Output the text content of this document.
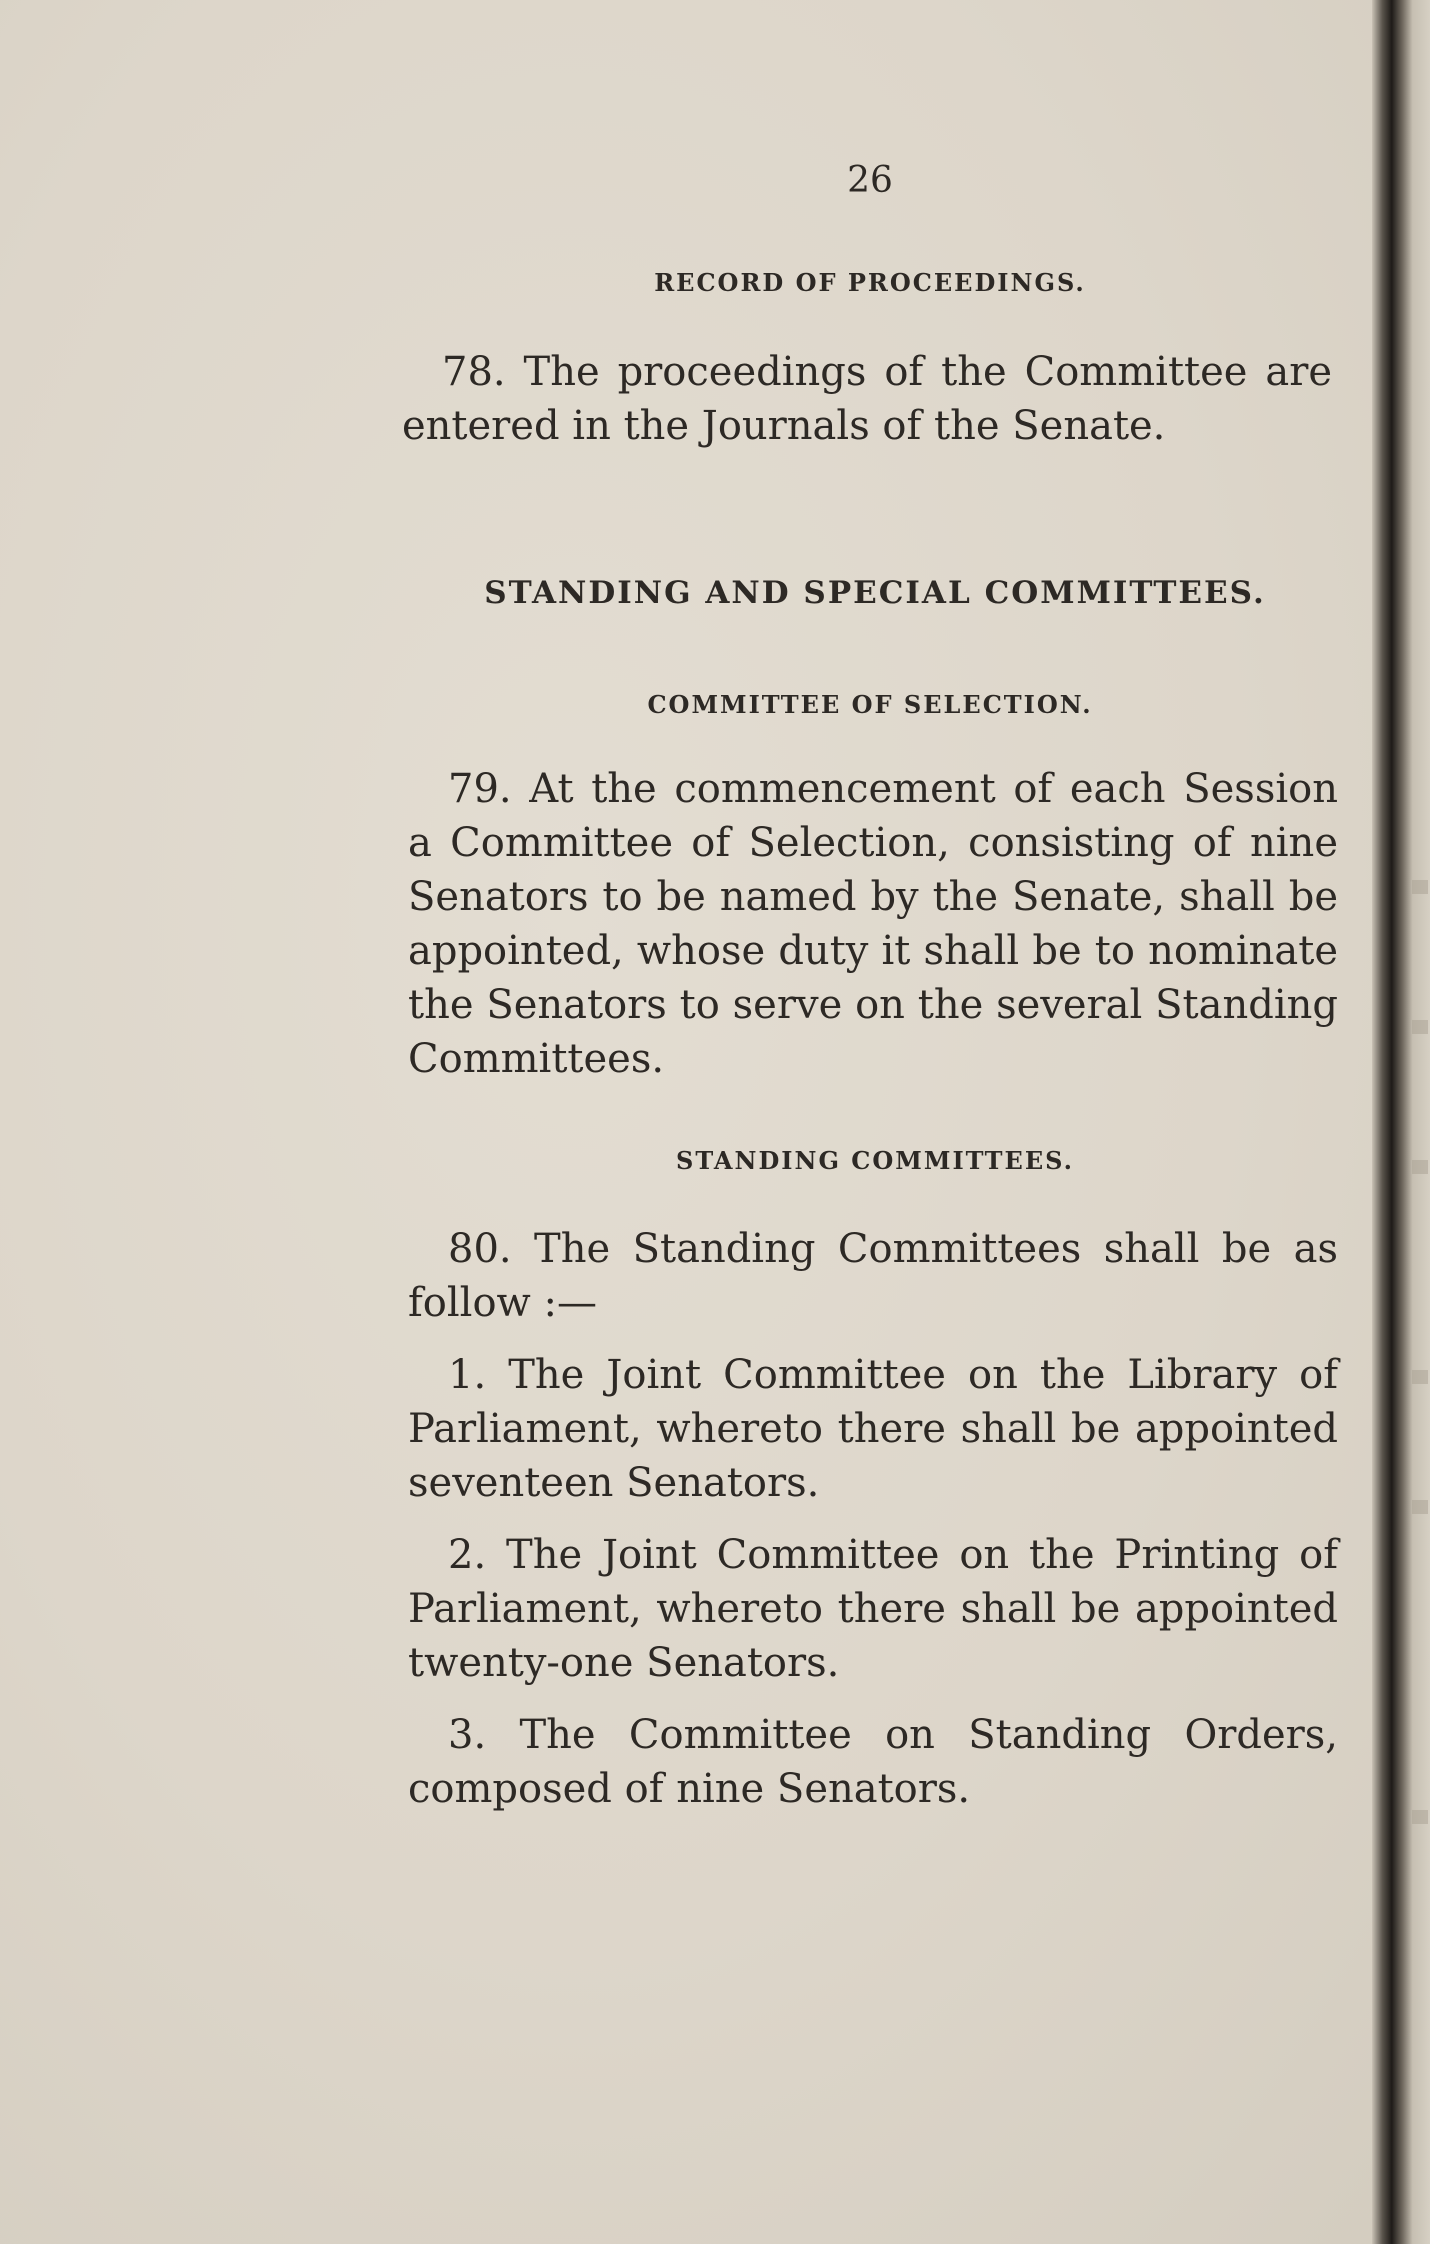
26
RECORD OF PROCEEDINGS.
78. The proceedings of the Committee are entered in the Journals of the Senate.
STANDING AND SPECIAL COMMITTEES.
COMMITTEE OF SELECTION.
79. At the commencement of each Session a Committee of Selection, consisting of nine Senators to be named by the Senate, shall be appointed, whose duty it shall be to nominate the Senators to serve on the several Standing Committees.
STANDING COMMITTEES.
80. The Standing Committees shall be as follow :—
1. The Joint Committee on the Library of Parliament, whereto there shall be appointed seventeen Senators.
2. The Joint Committee on the Printing of Parliament, whereto there shall be appointed twenty-one Senators.
3. The Committee on Standing Orders, composed of nine Senators.
